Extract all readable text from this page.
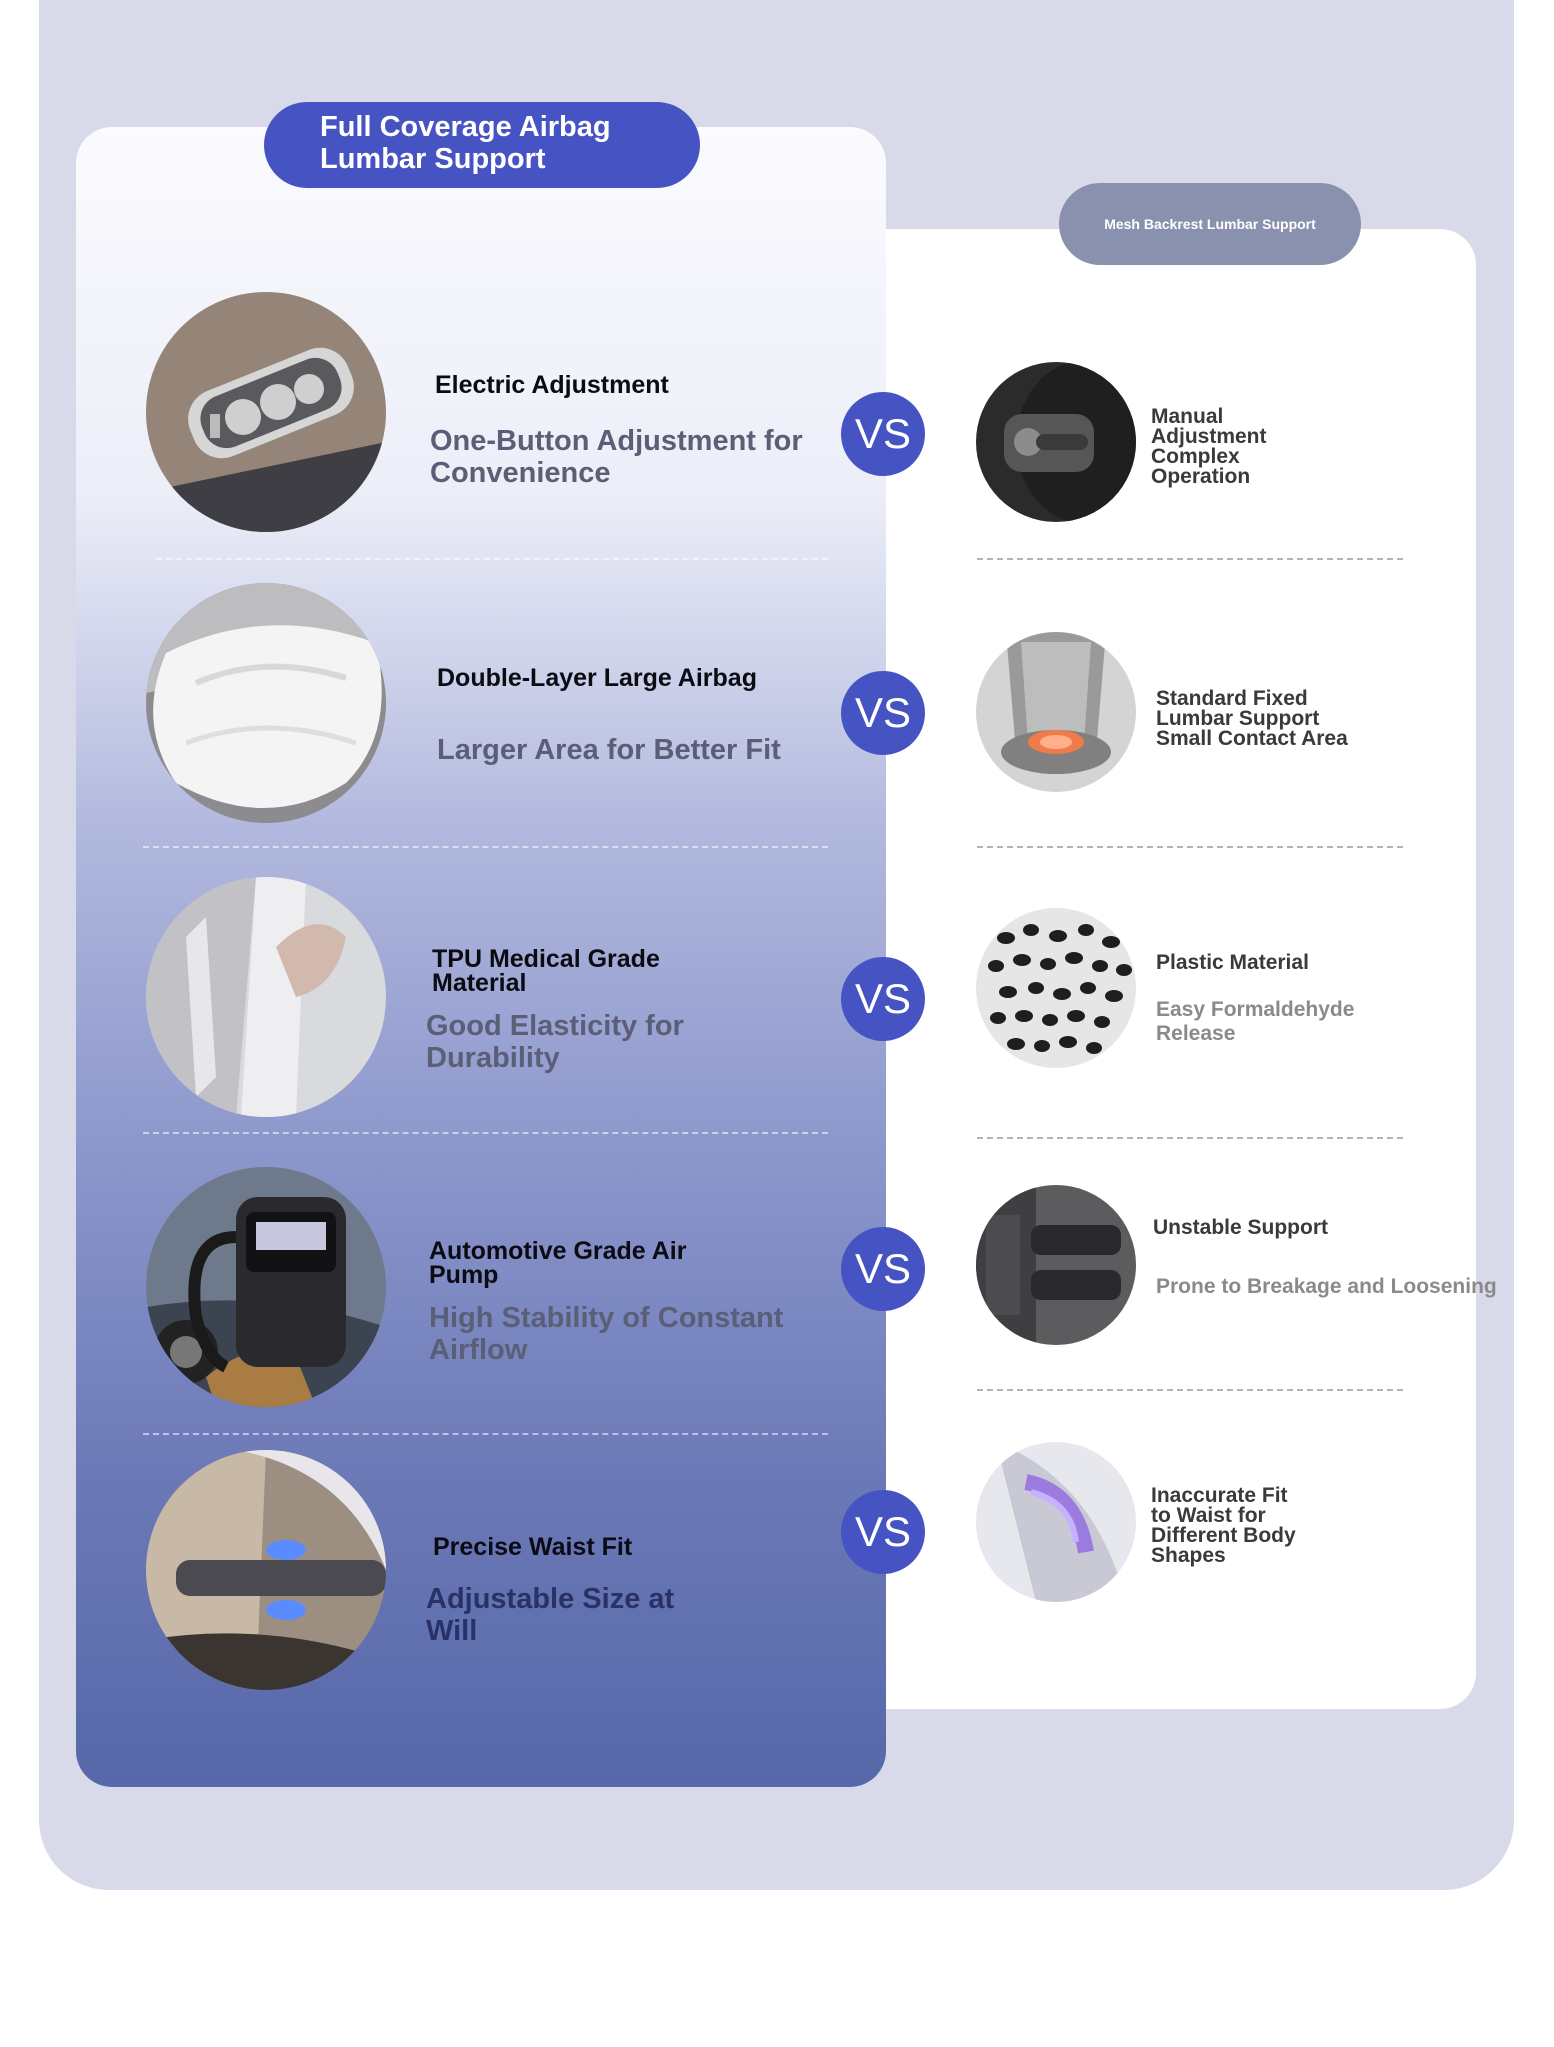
Full Coverage Airbag
Lumbar Support
Mesh Backrest Lumbar Support
Electric Adjustment
One-Button Adjustment for
Convenience
VS	Manual
Adjustment
Complex
Operation
Double-Layer Large Airbag
Larger Area for Better Fit
VS	Standard Fixed
Lumbar Support
Small Contact Area
TPU Medical Grade
Material
Good Elasticity for
Durability
VS
Plastic Material
Easy Formaldehyde
Release
Automotive Grade Air
Pump
High Stability of Constant
Airflow
VS
Unstable Support
Prone to Breakage and Loosening
Precise Waist Fit
Adjustable Size at
Will
VS
Inaccurate Fit
to Waist for
Different Body
Shapes
